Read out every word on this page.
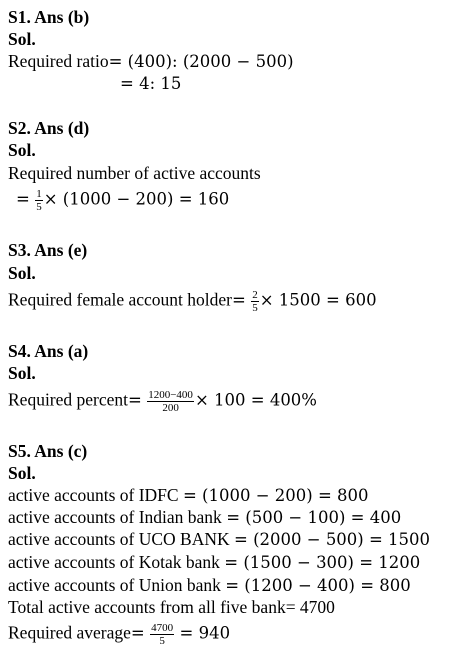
S1. Ans (b)
Sol.
Required ratio= (400): (2000 − 500)
= 4: 15
S2. Ans (d)
Sol.
Required number of active accounts
= $\frac{1}{5} \times (1000 - 200) = 160$
S3. Ans (e)
Sol.
Required female account holder= $\frac{2}{5} \times 1500 = 600$
S4. Ans (a)
Sol.
Required percent= $\frac{1200-400}{200} \times 100 = 400\%$
S5. Ans (c)
Sol.
active accounts of IDFC = (1000 − 200) = 800
active accounts of Indian bank = (500 − 100) = 400
active accounts of UCO BANK = (2000 − 500) = 1500
active accounts of Kotak bank = (1500 − 300) = 1200
active accounts of Union bank = (1200 − 400) = 800
Total active accounts from all five bank= 4700
Required average= $\frac{4700}{5} = 940$
